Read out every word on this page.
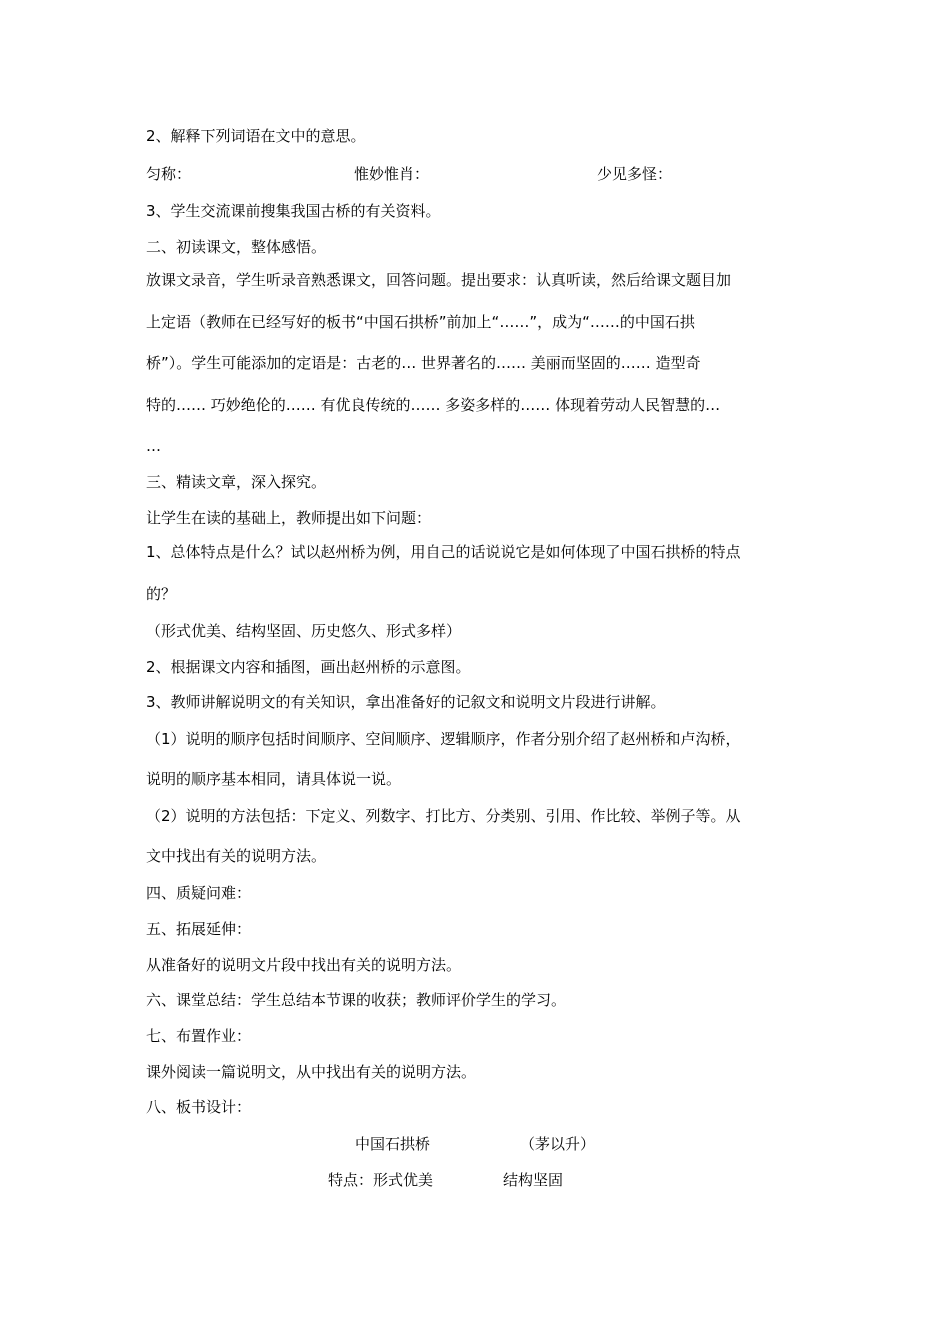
2、解释下列词语在文中的意思。
匀称：	惟妙惟肖：	少见多怪：
3、学生交流课前搜集我国古桥的有关资料。
二、初读课文，整体感悟。
放课文录音，学生听录音熟悉课文，回答问题。提出要求：认真听读，然后给课文题目加
上定语（教师在已经写好的板书“中国石拱桥”前加上“……”，成为“……的中国石拱
桥”）。学生可能添加的定语是：古老的… 世界著名的…… 美丽而坚固的…… 造型奇
特的…… 巧妙绝伦的…… 有优良传统的…… 多姿多样的…… 体现着劳动人民智慧的…
…
三、精读文章，深入探究。
让学生在读的基础上，教师提出如下问题：
1、总体特点是什么？试以赵州桥为例，用自己的话说说它是如何体现了中国石拱桥的特点
的？
（形式优美、结构坚固、历史悠久、形式多样）
2、根据课文内容和插图，画出赵州桥的示意图。
3、教师讲解说明文的有关知识，拿出准备好的记叙文和说明文片段进行讲解。
（1）说明的顺序包括时间顺序、空间顺序、逻辑顺序，作者分别介绍了赵州桥和卢沟桥，
说明的顺序基本相同，请具体说一说。
（2）说明的方法包括：下定义、列数字、打比方、分类别、引用、作比较、举例子等。从
文中找出有关的说明方法。
四、质疑问难：
五、拓展延伸：
从准备好的说明文片段中找出有关的说明方法。
六、课堂总结：学生总结本节课的收获；教师评价学生的学习。
七、布置作业：
课外阅读一篇说明文，从中找出有关的说明方法。
八、板书设计：
中国石拱桥	（茅以升）
特点：形式优美	结构坚固
